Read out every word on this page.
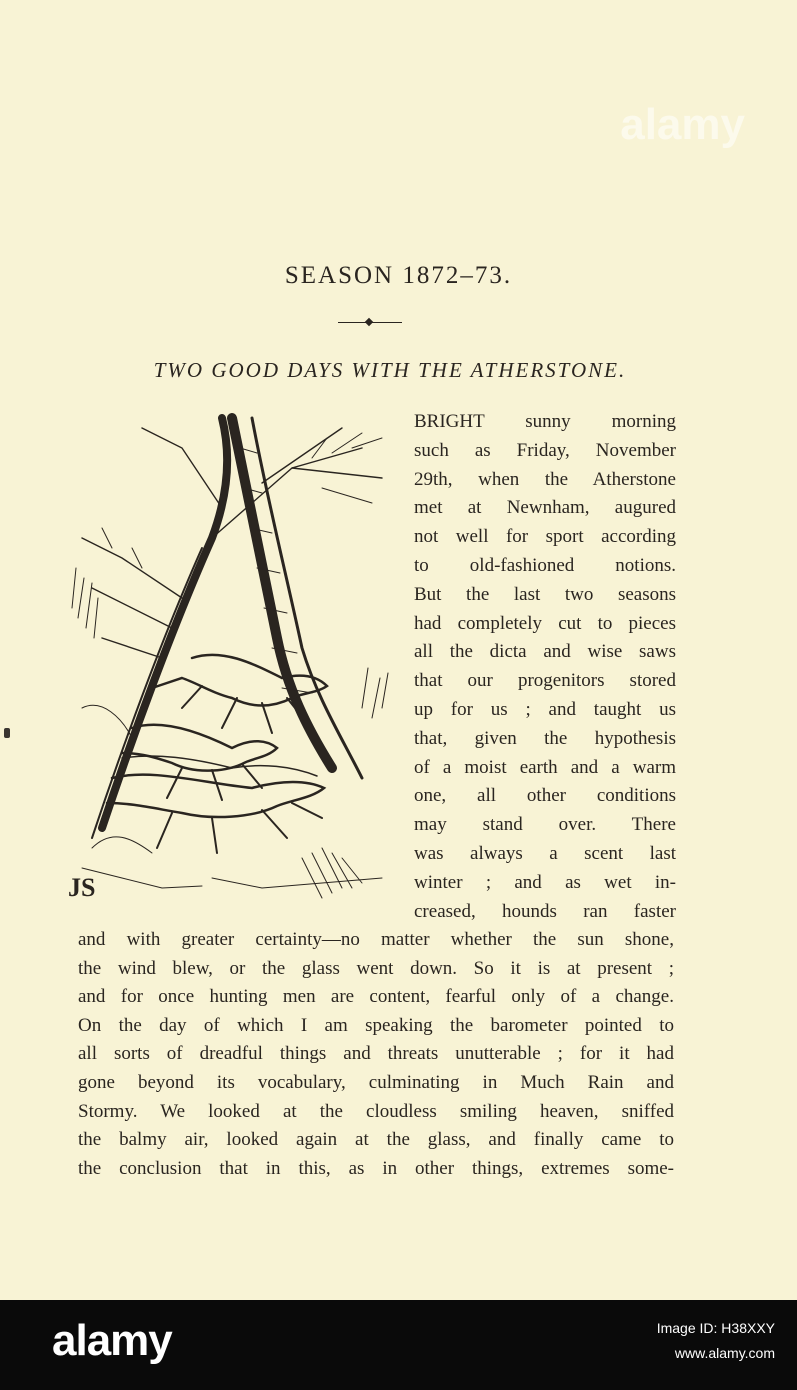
alamy
SEASON 1872–73.
TWO GOOD DAYS WITH THE ATHERSTONE.
JS
BRIGHT sunny morning
such as Friday, November
29th, when the Atherstone
met at Newnham, augured
not well for sport according
to old-fashioned notions.
But the last two seasons
had completely cut to pieces
all the dicta and wise saws
that our progenitors stored
up for us ; and taught us
that, given the hypothesis
of a moist earth and a warm
one, all other conditions
may stand over. There
was always a scent last
winter ; and as wet in-
creased, hounds ran faster
and with greater certainty—no matter whether the sun shone,
the wind blew, or the glass went down. So it is at present ;
and for once hunting men are content, fearful only of a change.
On the day of which I am speaking the barometer pointed to
all sorts of dreadful things and threats unutterable ; for it had
gone beyond its vocabulary, culminating in Much Rain and
Stormy. We looked at the cloudless smiling heaven, sniffed
the balmy air, looked again at the glass, and finally came to
the conclusion that in this, as in other things, extremes some-
alamy	Image ID: H38XXY
www.alamy.com
